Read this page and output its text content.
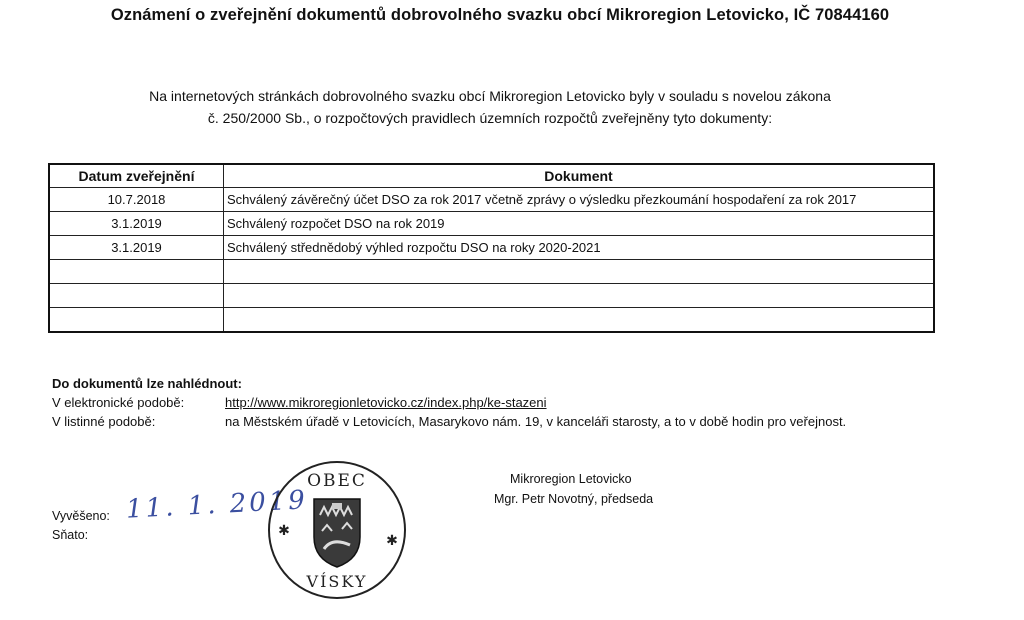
Oznámení o zveřejnění dokumentů dobrovolného svazku obcí Mikroregion Letovicko, IČ 70844160
Na internetových stránkách dobrovolného svazku obcí Mikroregion Letovicko byly v souladu s novelou zákona
č. 250/2000 Sb., o rozpočtových pravidlech územních rozpočtů zveřejněny tyto dokumenty:
Datum zveřejnění	Dokument
10.7.2018	Schválený závěrečný účet DSO za rok 2017 včetně zprávy o výsledku přezkoumání hospodaření za rok 2017
3.1.2019	Schválený rozpočet DSO na rok 2019
3.1.2019	Schválený střednědobý výhled rozpočtu DSO na roky 2020-2021

Do dokumentů lze nahlédnout:
V elektronické podobě:	http://www.mikroregionletovicko.cz/index.php/ke-stazeni
V listinné podobě:	na Městském úřadě v Letovicích, Masarykovo nám. 19, v kanceláři starosty, a to v době hodin pro veřejnost.
Mikroregion Letovicko
Mgr. Petr Novotný, předseda
Vyvěšeno:
Sňato:
11. 1. 2019
OBEC
VÍSKY
✱
✱
